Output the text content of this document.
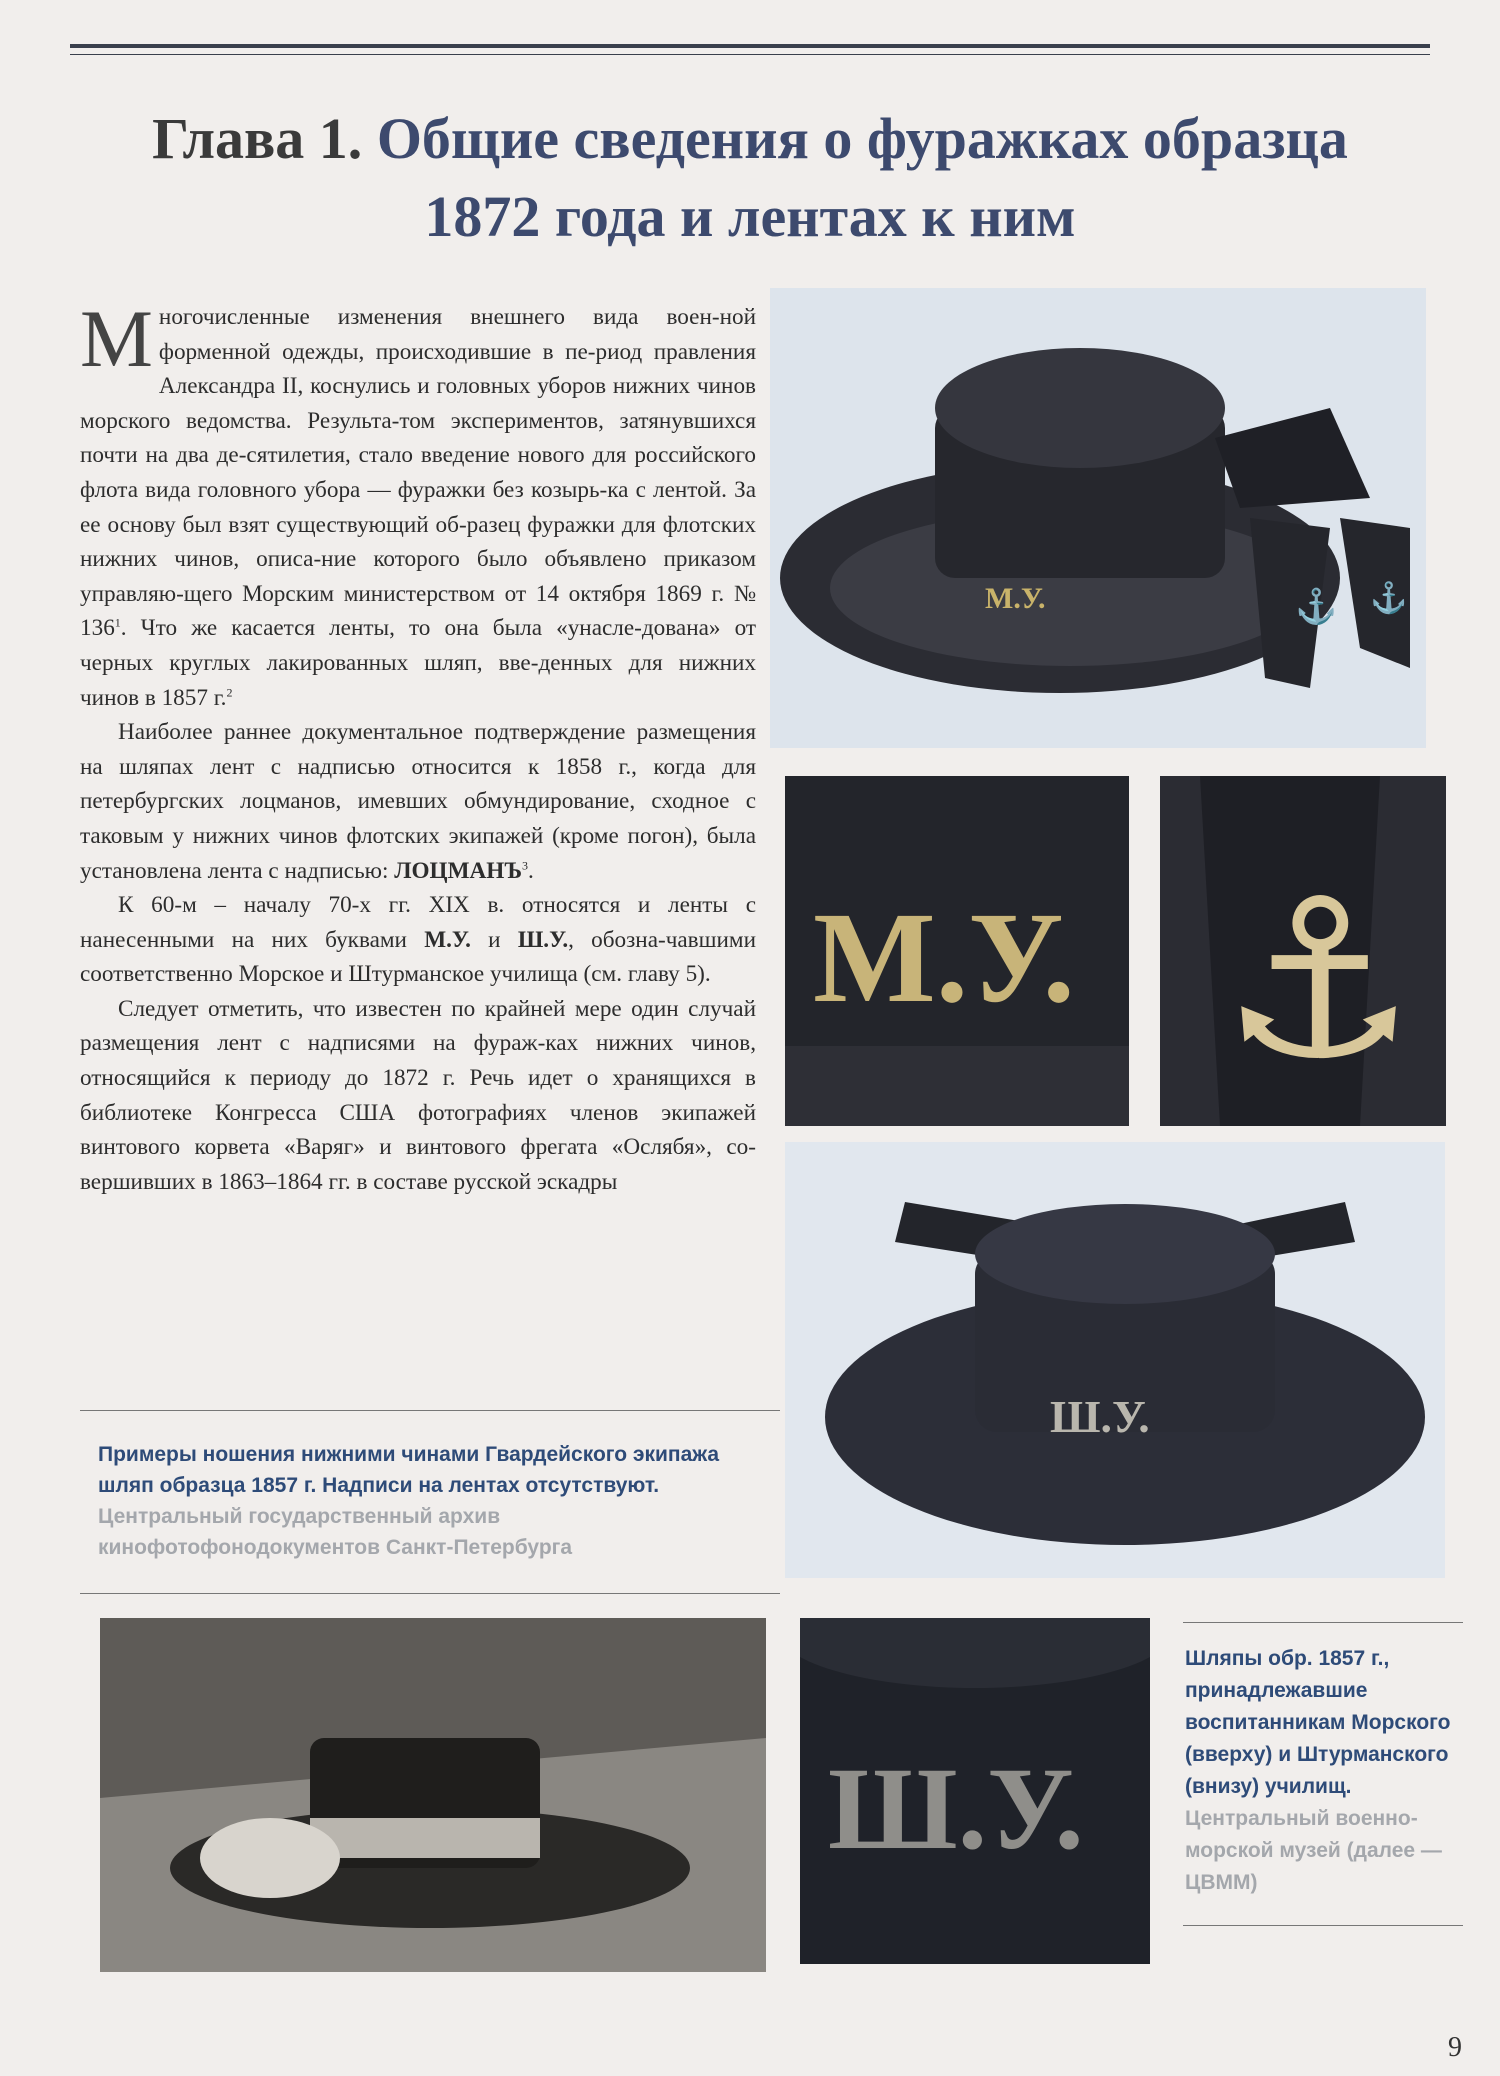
Глава 1. Общие сведения о фуражках образца 1872 года и лентах к ним

Многочисленные изменения внешнего вида воен-ной форменной одежды, происходившие в пе-риод правления Александра II, коснулись и головных уборов нижних чинов морского ведомства. Результа-том экспериментов, затянувшихся почти на два де-сятилетия, стало введение нового для российского флота вида головного убора — фуражки без козырь-ка с лентой. За ее основу был взят существующий об-разец фуражки для флотских нижних чинов, описа-ние которого было объявлено приказом управляю-щего Морским министерством от 14 октября 1869 г. № $136^1$. Что же касается ленты, то она была «унасле-дована» от черных круглых лакированных шляп, вве-денных для нижних чинов в 1857 г.$^2$

Наиболее раннее документальное подтверждение размещения на шляпах лент с надписью относится к 1858 г., когда для петербургских лоцманов, имевших обмундирование, сходное с таковым у нижних чинов флотских экипажей (кроме погон), была установлена лента с надписью: ЛОЦМАНЪ$^3$.

К 60-м – началу 70-х гг. XIX в. относятся и ленты с нанесенными на них буквами М.У. и Ш.У., обозна-чавшими соответственно Морское и Штурманское училища (см. главу 5).

Следует отметить, что известен по крайней мере один случай размещения лент с надписями на фураж-ках нижних чинов, относящийся к периоду до 1872 г. Речь идет о хранящихся в библиотеке Конгресса США фотографиях членов экипажей винтового корвета «Варяг» и винтового фрегата «Ослябя», со-вершивших в 1863–1864 гг. в составе русской эскадры

⚓ ⚓
М.У.
М.У. ⚓
Ш.У.
Ш.У.
Примеры ношения нижними чинами Гвардейского экипажа шляп образца 1857 г. Надписи на лентах отсутствуют. Центральный государственный архив кинофотофонодокументов Санкт-Петербурга
Шляпы обр. 1857 г., принадлежавшие воспитанникам Морского (вверху) и Штурманского (внизу) училищ. Центральный военно-морской музей (далее — ЦВММ)
9
